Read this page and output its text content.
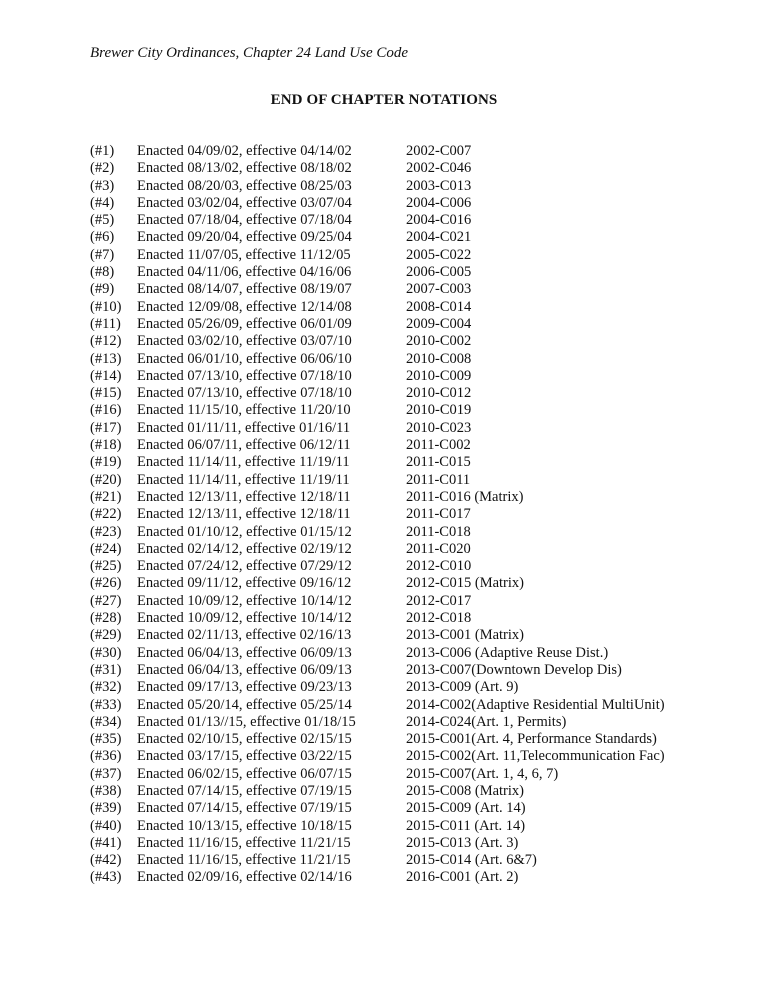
Brewer City Ordinances, Chapter 24 Land Use Code
END OF CHAPTER NOTATIONS
(#1) Enacted 04/09/02, effective 04/14/02	2002-C007
(#2) Enacted 08/13/02, effective 08/18/02	2002-C046
(#3) Enacted 08/20/03, effective 08/25/03	2003-C013
(#4) Enacted 03/02/04, effective 03/07/04	2004-C006
(#5) Enacted 07/18/04, effective 07/18/04	2004-C016
(#6) Enacted 09/20/04, effective 09/25/04	2004-C021
(#7) Enacted 11/07/05, effective 11/12/05	2005-C022
(#8) Enacted 04/11/06, effective 04/16/06	2006-C005
(#9) Enacted 08/14/07, effective 08/19/07	2007-C003
(#10) Enacted 12/09/08, effective 12/14/08	2008-C014
(#11) Enacted 05/26/09, effective 06/01/09	2009-C004
(#12) Enacted 03/02/10, effective 03/07/10	2010-C002
(#13) Enacted 06/01/10, effective 06/06/10	2010-C008
(#14) Enacted 07/13/10, effective 07/18/10	2010-C009
(#15) Enacted 07/13/10, effective 07/18/10	2010-C012
(#16) Enacted 11/15/10, effective 11/20/10	2010-C019
(#17) Enacted 01/11/11, effective 01/16/11	2010-C023
(#18) Enacted 06/07/11, effective 06/12/11	2011-C002
(#19) Enacted 11/14/11, effective 11/19/11	2011-C015
(#20) Enacted 11/14/11, effective 11/19/11	2011-C011
(#21) Enacted 12/13/11, effective 12/18/11	2011-C016 (Matrix)
(#22) Enacted 12/13/11, effective 12/18/11	2011-C017
(#23) Enacted 01/10/12, effective 01/15/12	2011-C018
(#24) Enacted 02/14/12, effective 02/19/12	2011-C020
(#25) Enacted 07/24/12, effective 07/29/12	2012-C010
(#26) Enacted 09/11/12, effective 09/16/12	2012-C015 (Matrix)
(#27) Enacted 10/09/12, effective 10/14/12	2012-C017
(#28) Enacted 10/09/12, effective 10/14/12	2012-C018
(#29) Enacted 02/11/13, effective 02/16/13	2013-C001 (Matrix)
(#30) Enacted 06/04/13, effective 06/09/13	2013-C006 (Adaptive Reuse Dist.)
(#31) Enacted 06/04/13, effective 06/09/13	2013-C007(Downtown Develop Dis)
(#32) Enacted 09/17/13, effective 09/23/13	2013-C009 (Art. 9)
(#33) Enacted 05/20/14, effective 05/25/14	2014-C002(Adaptive Residential MultiUnit)
(#34) Enacted 01/13//15, effective 01/18/15	2014-C024(Art. 1, Permits)
(#35) Enacted 02/10/15, effective 02/15/15	2015-C001(Art. 4, Performance Standards)
(#36) Enacted 03/17/15, effective 03/22/15	2015-C002(Art. 11,Telecommunication Fac)
(#37) Enacted 06/02/15, effective 06/07/15	2015-C007(Art. 1, 4, 6, 7)
(#38) Enacted 07/14/15, effective 07/19/15	2015-C008 (Matrix)
(#39) Enacted 07/14/15, effective 07/19/15	2015-C009 (Art. 14)
(#40) Enacted 10/13/15, effective 10/18/15	2015-C011 (Art. 14)
(#41) Enacted 11/16/15, effective 11/21/15	2015-C013 (Art. 3)
(#42) Enacted 11/16/15, effective 11/21/15	2015-C014 (Art. 6&7)
(#43) Enacted 02/09/16, effective 02/14/16	2016-C001 (Art. 2)
